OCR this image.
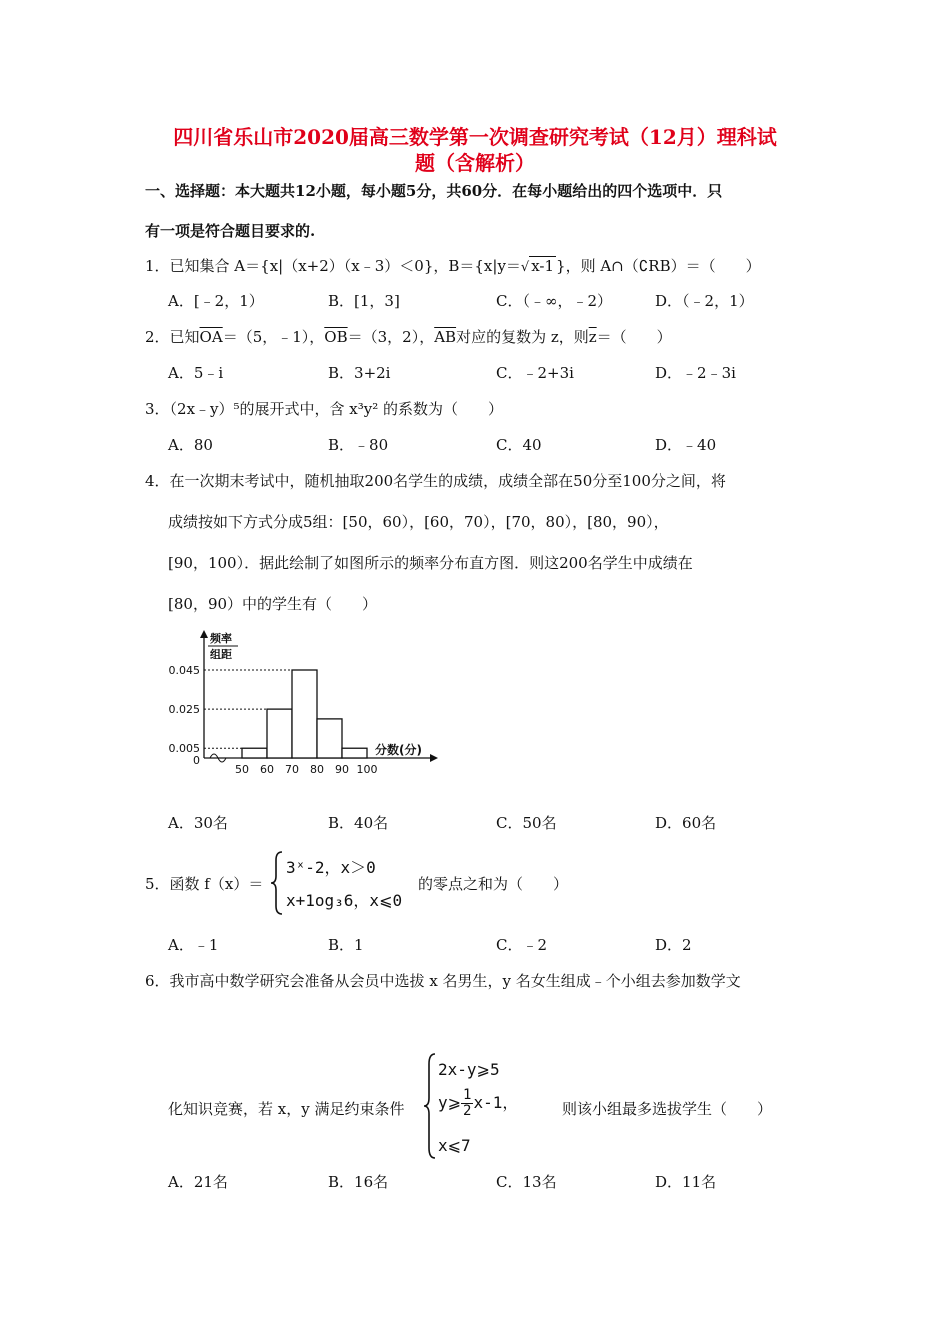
四川省乐山市2020届高三数学第一次调查研究考试（12月）理科试
题（含解析）
一、选择题：本大题共12小题，每小题5分，共60分．在每小题给出的四个选项中．只
有一项是符合题目要求的.
1．已知集合 A＝{x|（x+2）（x﹣3）＜0}，B＝{x|y＝√ x-1 }，则 A∩（∁RB）＝（　　）
A．[﹣2，1）	B．[1，3]	C．（﹣∞，﹣2）	D．（﹣2，1）
2．已知$\overline{OA}=(5$，﹣1），$\overline{OB}=(3$，2），$\overline{AB}$对应的复数为 z，则$\overline{z}=$（　　）
A．5﹣i	B．3+2i	C．﹣2+3i	D．﹣2﹣3i
3．（2x﹣y）⁵的展开式中，含 x³y² 的系数为（　　）
A．80	B．﹣80	C．40	D．﹣40
4．在一次期末考试中，随机抽取200名学生的成绩，成绩全部在50分至100分之间，将
成绩按如下方式分成5组：[50，60），[60，70），[70，80），[80，90），
[90，100）．据此绘制了如图所示的频率分布直方图．则这200名学生中成绩在
[80，90）中的学生有（　　）
频率
组距
0.005
0.025
0.045
50 60 70 80 90 100
0
分数(分)
A．30名	B．40名	C．50名	D．60名
5．函数 f（x）＝
3ˣ-2，x＞0
x+1og₃6，x⩽0
的零点之和为（　　）
A．﹣1	B．1	C．﹣2	D．2
6．我市高中数学研究会准备从会员中选拔 x 名男生，y 名女生组成﹣个小组去参加数学文
化知识竞赛，若 x，y 满足约束条件
2x-y⩾5
y⩾ $\frac{1}{2} x-1$，
x⩽7
则该小组最多选拔学生（　　）
A．21名	B．16名	C．13名	D．11名
